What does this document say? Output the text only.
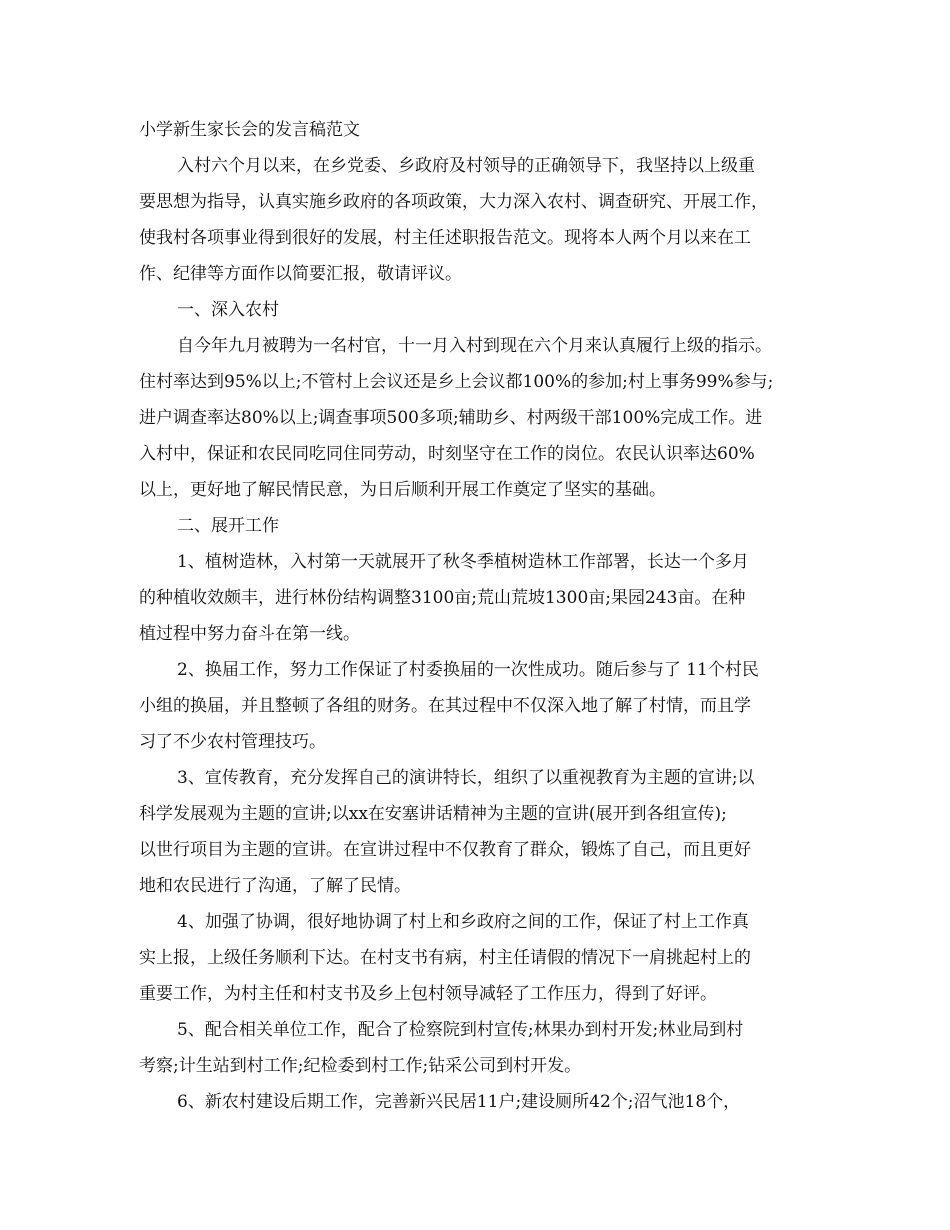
小学新生家长会的发言稿范文

入村六个月以来，在乡党委、乡政府及村领导的正确领导下，我坚持以上级重

要思想为指导，认真实施乡政府的各项政策，大力深入农村、调查研究、开展工作，

使我村各项事业得到很好的发展，村主任述职报告范文。现将本人两个月以来在工

作、纪律等方面作以简要汇报，敬请评议。

一、深入农村

自今年九月被聘为一名村官，十一月入村到现在六个月来认真履行上级的指示。

住村率达到95%以上;不管村上会议还是乡上会议都100%的参加;村上事务99%参与;

进户调查率达80%以上;调查事项500多项;辅助乡、村两级干部100%完成工作。进

入村中，保证和农民同吃同住同劳动，时刻坚守在工作的岗位。农民认识率达60%

以上，更好地了解民情民意，为日后顺利开展工作奠定了坚实的基础。

二、展开工作

1、植树造林，入村第一天就展开了秋冬季植树造林工作部署，长达一个多月

的种植收效颇丰，进行林份结构调整3100亩;荒山荒坡1300亩;果园243亩。在种

植过程中努力奋斗在第一线。

2、换届工作，努力工作保证了村委换届的一次性成功。随后参与了 11个村民

小组的换届，并且整顿了各组的财务。在其过程中不仅深入地了解了村情，而且学

习了不少农村管理技巧。

3、宣传教育，充分发挥自己的演讲特长，组织了以重视教育为主题的宣讲;以

科学发展观为主题的宣讲;以xx在安塞讲话精神为主题的宣讲(展开到各组宣传);

以世行项目为主题的宣讲。在宣讲过程中不仅教育了群众，锻炼了自己，而且更好

地和农民进行了沟通，了解了民情。

4、加强了协调，很好地协调了村上和乡政府之间的工作，保证了村上工作真

实上报，上级任务顺利下达。在村支书有病，村主任请假的情况下一肩挑起村上的

重要工作，为村主任和村支书及乡上包村领导减轻了工作压力，得到了好评。

5、配合相关单位工作，配合了检察院到村宣传;林果办到村开发;林业局到村

考察;计生站到村工作;纪检委到村工作;钻采公司到村开发。

6、新农村建设后期工作，完善新兴民居11户;建设厕所42个;沼气池18个，
